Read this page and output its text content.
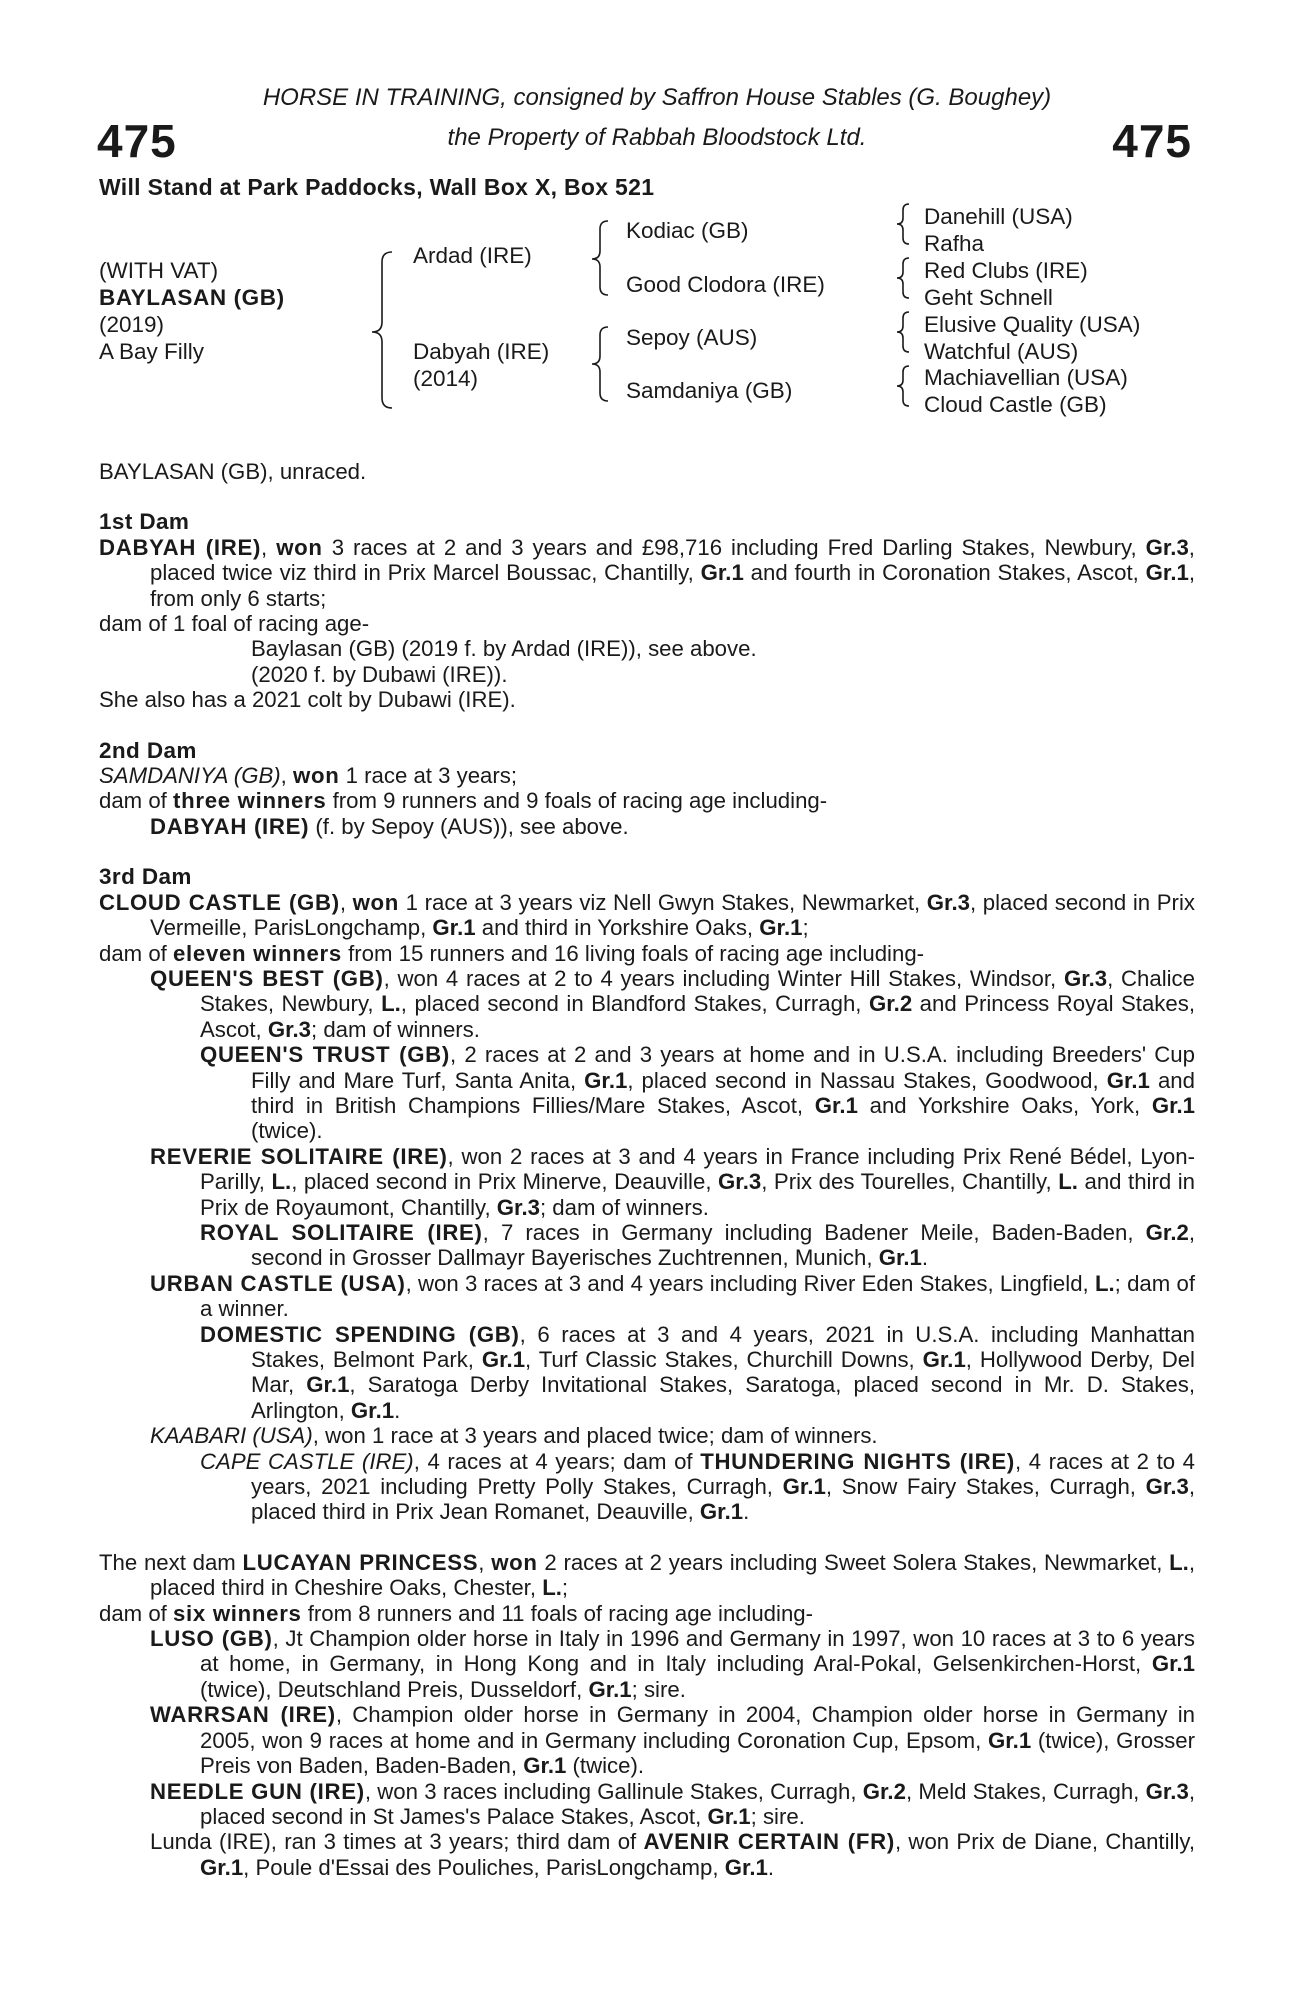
475	475
HORSE IN TRAINING, consigned by Saffron House Stables (G. Boughey)
the Property of Rabbah Bloodstock Ltd.
Will Stand at Park Paddocks, Wall Box X, Box 521
(WITH VAT)
BAYLASAN (GB)
(2019)
A Bay Filly
Ardad (IRE)
Dabyah (IRE)
(2014)
Kodiac (GB)
Good Clodora (IRE)
Sepoy (AUS)
Samdaniya (GB)
Danehill (USA)
Rafha
Red Clubs (IRE)
Geht Schnell
Elusive Quality (USA)
Watchful (AUS)
Machiavellian (USA)
Cloud Castle (GB)
BAYLASAN (GB), unraced.
1st Dam
DABYAH (IRE), won 3 races at 2 and 3 years and £98,716 including Fred Darling Stakes, Newbury, Gr.3, placed twice viz third in Prix Marcel Boussac, Chantilly, Gr.1 and fourth in Coronation Stakes, Ascot, Gr.1, from only 6 starts;
dam of 1 foal of racing age-
Baylasan (GB) (2019 f. by Ardad (IRE)), see above.
(2020 f. by Dubawi (IRE)).
She also has a 2021 colt by Dubawi (IRE).
2nd Dam
SAMDANIYA (GB), won 1 race at 3 years;
dam of three winners from 9 runners and 9 foals of racing age including-
DABYAH (IRE) (f. by Sepoy (AUS)), see above.
3rd Dam
CLOUD CASTLE (GB), won 1 race at 3 years viz Nell Gwyn Stakes, Newmarket, Gr.3, placed second in Prix Vermeille, ParisLongchamp, Gr.1 and third in Yorkshire Oaks, Gr.1;
dam of eleven winners from 15 runners and 16 living foals of racing age including-
QUEEN'S BEST (GB), won 4 races at 2 to 4 years including Winter Hill Stakes, Windsor, Gr.3, Chalice Stakes, Newbury, L., placed second in Blandford Stakes, Curragh, Gr.2 and Princess Royal Stakes, Ascot, Gr.3; dam of winners.
QUEEN'S TRUST (GB), 2 races at 2 and 3 years at home and in U.S.A. including Breeders' Cup Filly and Mare Turf, Santa Anita, Gr.1, placed second in Nassau Stakes, Goodwood, Gr.1 and third in British Champions Fillies/Mare Stakes, Ascot, Gr.1 and Yorkshire Oaks, York, Gr.1 (twice).
REVERIE SOLITAIRE (IRE), won 2 races at 3 and 4 years in France including Prix René Bédel, Lyon-Parilly, L., placed second in Prix Minerve, Deauville, Gr.3, Prix des Tourelles, Chantilly, L. and third in Prix de Royaumont, Chantilly, Gr.3; dam of winners.
ROYAL SOLITAIRE (IRE), 7 races in Germany including Badener Meile, Baden-Baden, Gr.2, second in Grosser Dallmayr Bayerisches Zuchtrennen, Munich, Gr.1.
URBAN CASTLE (USA), won 3 races at 3 and 4 years including River Eden Stakes, Lingfield, L.; dam of a winner.
DOMESTIC SPENDING (GB), 6 races at 3 and 4 years, 2021 in U.S.A. including Manhattan Stakes, Belmont Park, Gr.1, Turf Classic Stakes, Churchill Downs, Gr.1, Hollywood Derby, Del Mar, Gr.1, Saratoga Derby Invitational Stakes, Saratoga, placed second in Mr. D. Stakes, Arlington, Gr.1.
KAABARI (USA), won 1 race at 3 years and placed twice; dam of winners.
CAPE CASTLE (IRE), 4 races at 4 years; dam of THUNDERING NIGHTS (IRE), 4 races at 2 to 4 years, 2021 including Pretty Polly Stakes, Curragh, Gr.1, Snow Fairy Stakes, Curragh, Gr.3, placed third in Prix Jean Romanet, Deauville, Gr.1.
The next dam LUCAYAN PRINCESS, won 2 races at 2 years including Sweet Solera Stakes, Newmarket, L., placed third in Cheshire Oaks, Chester, L.;
dam of six winners from 8 runners and 11 foals of racing age including-
LUSO (GB), Jt Champion older horse in Italy in 1996 and Germany in 1997, won 10 races at 3 to 6 years at home, in Germany, in Hong Kong and in Italy including Aral-Pokal, Gelsenkirchen-Horst, Gr.1 (twice), Deutschland Preis, Dusseldorf, Gr.1; sire.
WARRSAN (IRE), Champion older horse in Germany in 2004, Champion older horse in Germany in 2005, won 9 races at home and in Germany including Coronation Cup, Epsom, Gr.1 (twice), Grosser Preis von Baden, Baden-Baden, Gr.1 (twice).
NEEDLE GUN (IRE), won 3 races including Gallinule Stakes, Curragh, Gr.2, Meld Stakes, Curragh, Gr.3, placed second in St James's Palace Stakes, Ascot, Gr.1; sire.
Lunda (IRE), ran 3 times at 3 years; third dam of AVENIR CERTAIN (FR), won Prix de Diane, Chantilly, Gr.1, Poule d'Essai des Pouliches, ParisLongchamp, Gr.1.
